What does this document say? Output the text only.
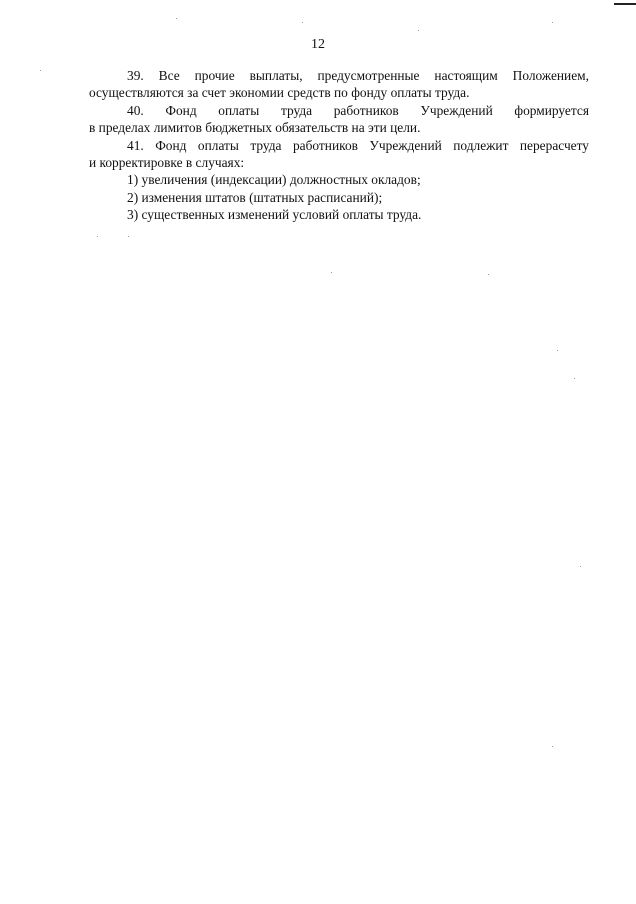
12

39. Все прочие выплаты, предусмотренные настоящим Положением,

осуществляются за счет экономии средств по фонду оплаты труда.

40. Фонд оплаты труда работников Учреждений формируется

в пределах лимитов бюджетных обязательств на эти цели.

41. Фонд оплаты труда работников Учреждений подлежит перерасчету

и корректировке в случаях:

1) увеличения (индексации) должностных окладов;

2) изменения штатов (штатных расписаний);

3) существенных изменений условий оплаты труда.
